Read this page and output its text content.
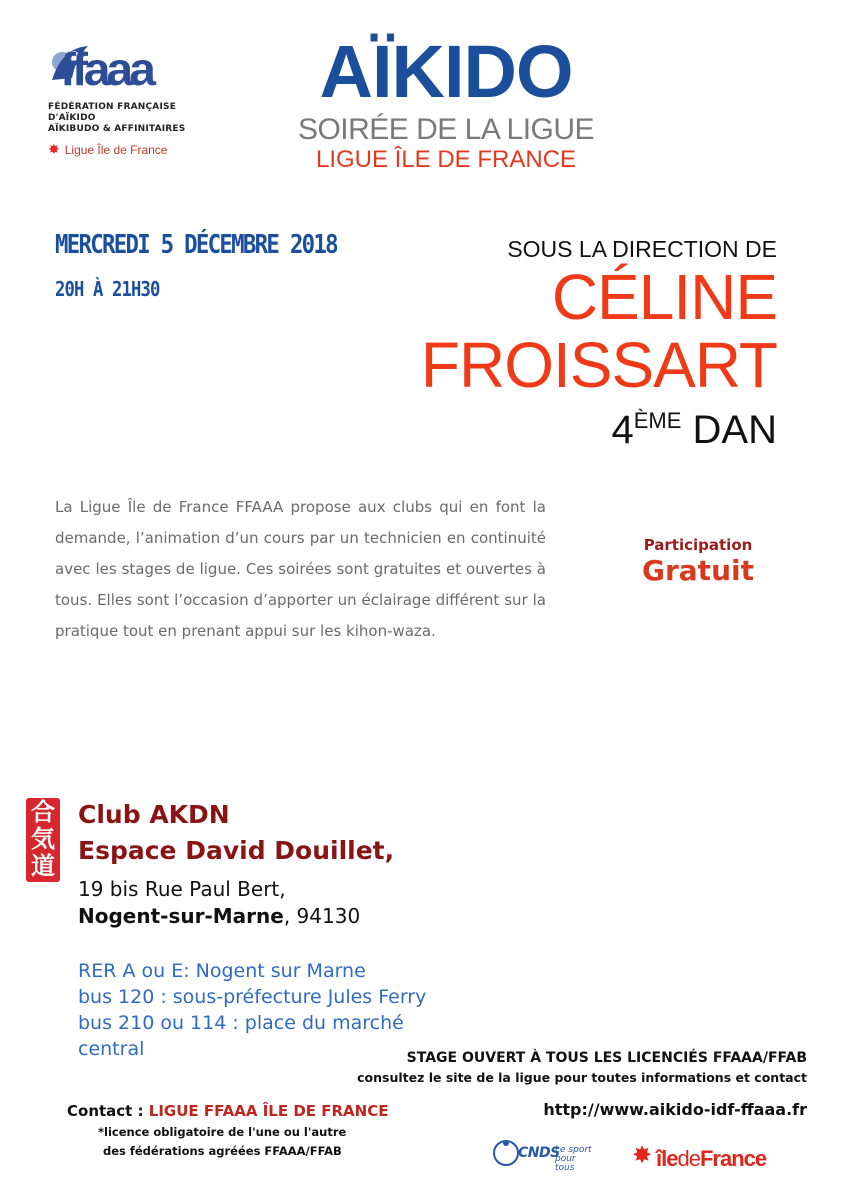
ffaaa
FÉDÉRATION FRANÇAISE D'AÏKIDO
AÏKIBUDO & AFFINITAIRES
✸ Ligue Île de France
AÏKIDO
SOIRÉE DE LA LIGUE
LIGUE ÎLE DE FRANCE
MERCREDI 5 DÉCEMBRE 2018
20H À 21H30
SOUS LA DIRECTION DE
CÉLINE
FROISSART
4ÈME DAN
La Ligue Île de France FFAAA propose aux clubs qui en font la demande, l’animation d’un cours par un technicien en continuité avec les stages de ligue. Ces soirées sont gratuites et ouvertes à tous. Elles sont l’occasion d’apporter un éclairage différent sur la pratique tout en prenant appui sur les kihon-waza.
Participation
Gratuit
合
気
道
Club AKDN
Espace David Douillet,
19 bis Rue Paul Bert,
Nogent-sur-Marne, 94130
RER A ou E: Nogent sur Marne
bus 120 : sous-préfecture Jules Ferry
bus 210 ou 114 : place du marché
central	STAGE OUVERT À TOUS LES LICENCIÉS FFAAA/FFAB
consultez le site de la ligue pour toutes informations et contact
http://www.aikido-idf-ffaaa.fr
Contact : LIGUE FFAAA ÎLE DE FRANCE
*licence obligatoire de l'une ou l'autre
des fédérations agréées FFAAA/FFAB	CNDS
Le sport pour tous	✸ îledeFrance
